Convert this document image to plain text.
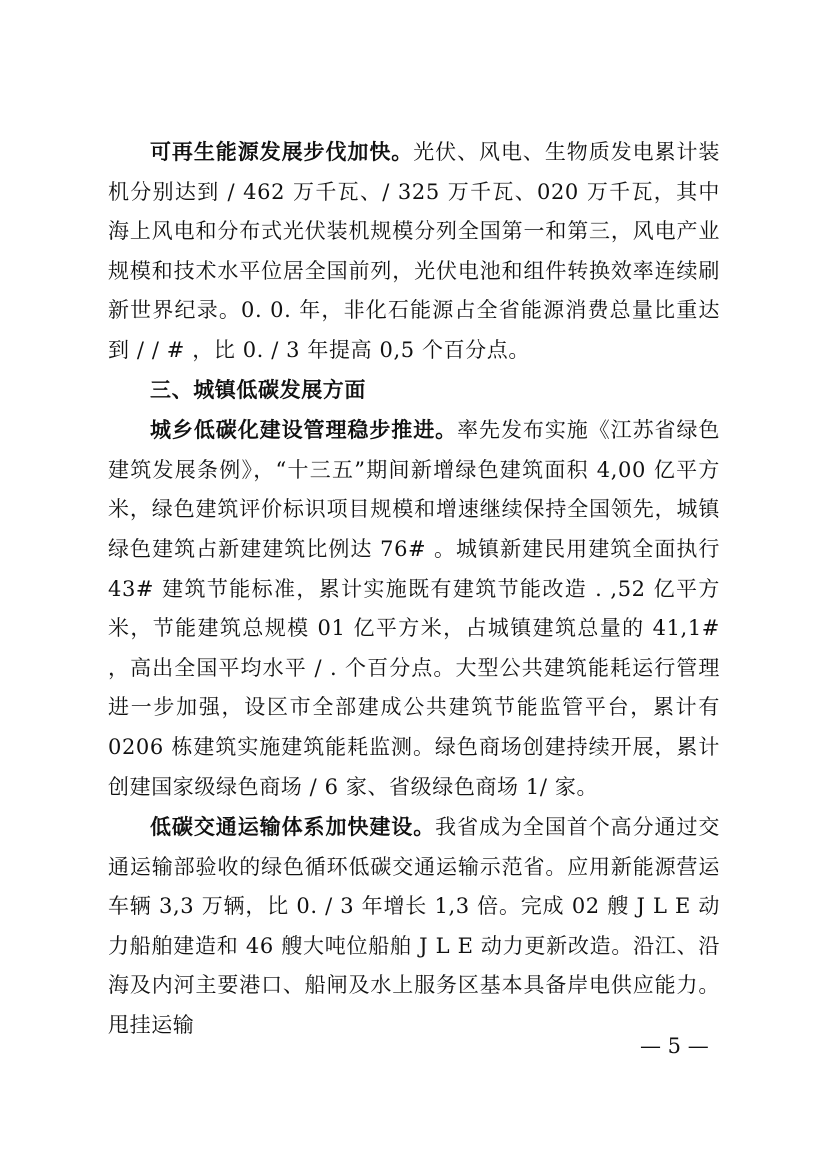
可再生能源发展步伐加快。光伏、风电、生物质发电累计装机分别达到 / 462 万千瓦、/ 325 万千瓦、020 万千瓦，其中海上风电和分布式光伏装机规模分列全国第一和第三，风电产业规模和技术水平位居全国前列，光伏电池和组件转换效率连续刷新世界纪录。0. 0. 年，非化石能源占全省能源消费总量比重达到 / / # ，比 0. / 3 年提高 0,5 个百分点。

三、城镇低碳发展方面

城乡低碳化建设管理稳步推进。率先发布实施《江苏省绿色建筑发展条例》，“十三五”期间新增绿色建筑面积 4,00 亿平方米，绿色建筑评价标识项目规模和增速继续保持全国领先，城镇绿色建筑占新建建筑比例达 76# 。城镇新建民用建筑全面执行 43# 建筑节能标准，累计实施既有建筑节能改造 . ,52 亿平方米，节能建筑总规模 01 亿平方米，占城镇建筑总量的 41,1# ，高出全国平均水平 / . 个百分点。大型公共建筑能耗运行管理进一步加强，设区市全部建成公共建筑节能监管平台，累计有 0206 栋建筑实施建筑能耗监测。绿色商场创建持续开展，累计创建国家级绿色商场 / 6 家、省级绿色商场 1/ 家。

低碳交通运输体系加快建设。我省成为全国首个高分通过交通运输部验收的绿色循环低碳交通运输示范省。应用新能源营运车辆 3,3 万辆，比 0. / 3 年增长 1,3 倍。完成 02 艘 J L E 动力船舶建造和 46 艘大吨位船舶 J L E 动力更新改造。沿江、沿海及内河主要港口、船闸及水上服务区基本具备岸电供应能力。甩挂运输

— 5 —
